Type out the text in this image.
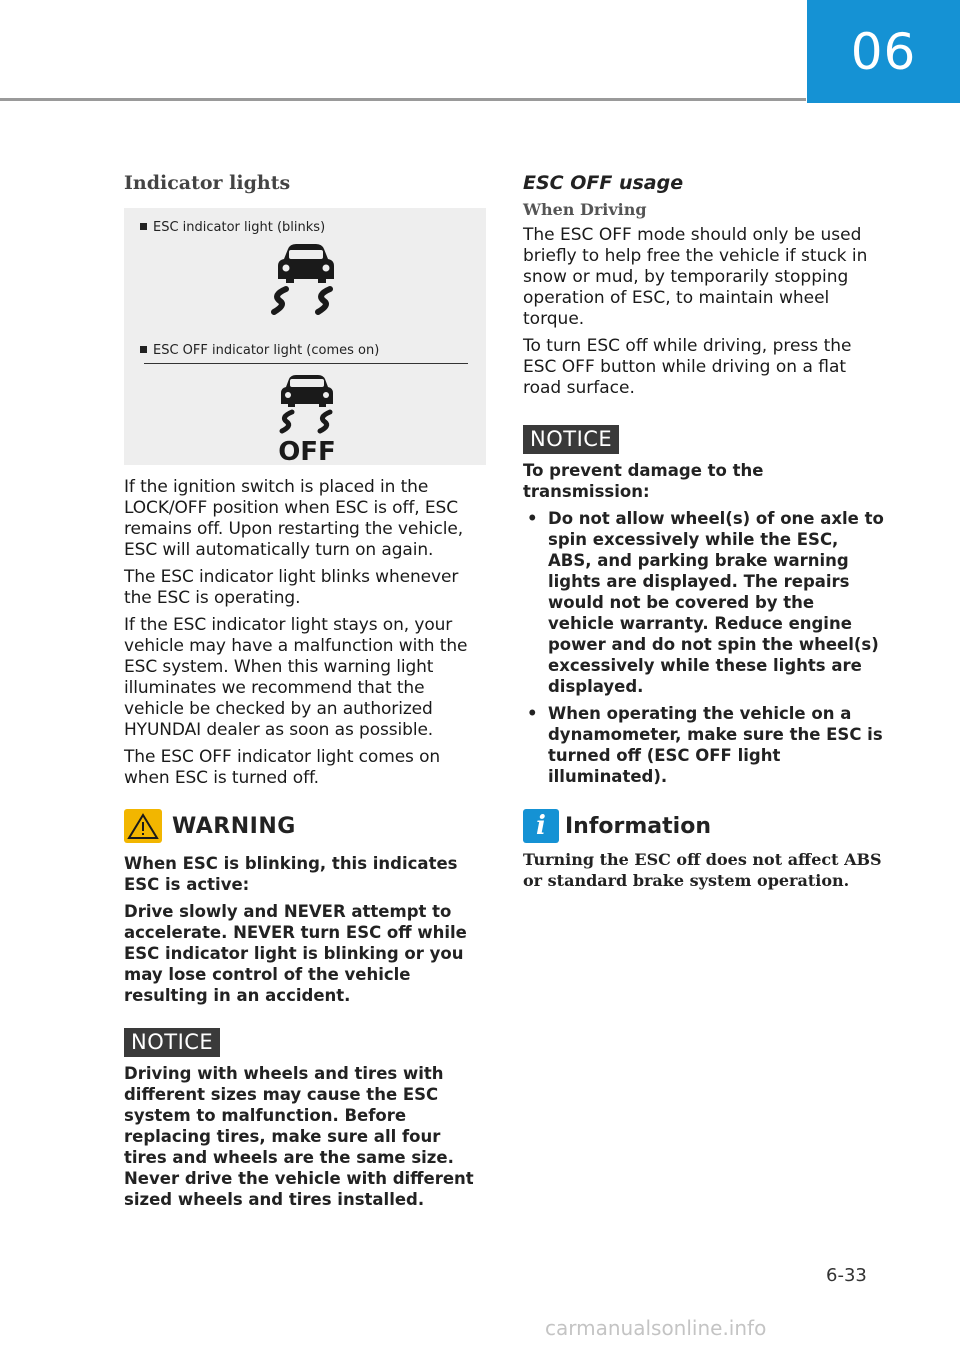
06
Indicator lights
ESC indicator light (blinks)
ESC OFF indicator light (comes on)
OFF

If the ignition switch is placed in the LOCK/OFF position when ESC is off, ESC remains off. Upon restarting the vehicle, ESC will automatically turn on again.

The ESC indicator light blinks whenever the ESC is operating.

If the ESC indicator light stays on, your vehicle may have a malfunction with the ESC system. When this warning light illuminates we recommend that the vehicle be checked by an authorized HYUNDAI dealer as soon as possible.

The ESC OFF indicator light comes on when ESC is turned off.

WARNING

When ESC is blinking, this indicates ESC is active:

Drive slowly and NEVER attempt to accelerate. NEVER turn ESC off while ESC indicator light is blinking or you may lose control of the vehicle resulting in an accident.

NOTICE

Driving with wheels and tires with different sizes may cause the ESC system to malfunction. Before replacing tires, make sure all four tires and wheels are the same size. Never drive the vehicle with different sized wheels and tires installed.

ESC OFF usage
When Driving

The ESC OFF mode should only be used briefly to help free the vehicle if stuck in snow or mud, by temporarily stopping operation of ESC, to maintain wheel torque.

To turn ESC off while driving, press the ESC OFF button while driving on a flat road surface.

NOTICE

To prevent damage to the transmission:

• Do not allow wheel(s) of one axle to spin excessively while the ESC, ABS, and parking brake warning lights are displayed. The repairs would not be covered by the vehicle warranty. Reduce engine power and do not spin the wheel(s) excessively while these lights are displayed.
• When operating the vehicle on a dynamometer, make sure the ESC is turned off (ESC OFF light illuminated).
i Information

Turning the ESC off does not affect ABS or standard brake system operation.

6-33
carmanualsonline.info
